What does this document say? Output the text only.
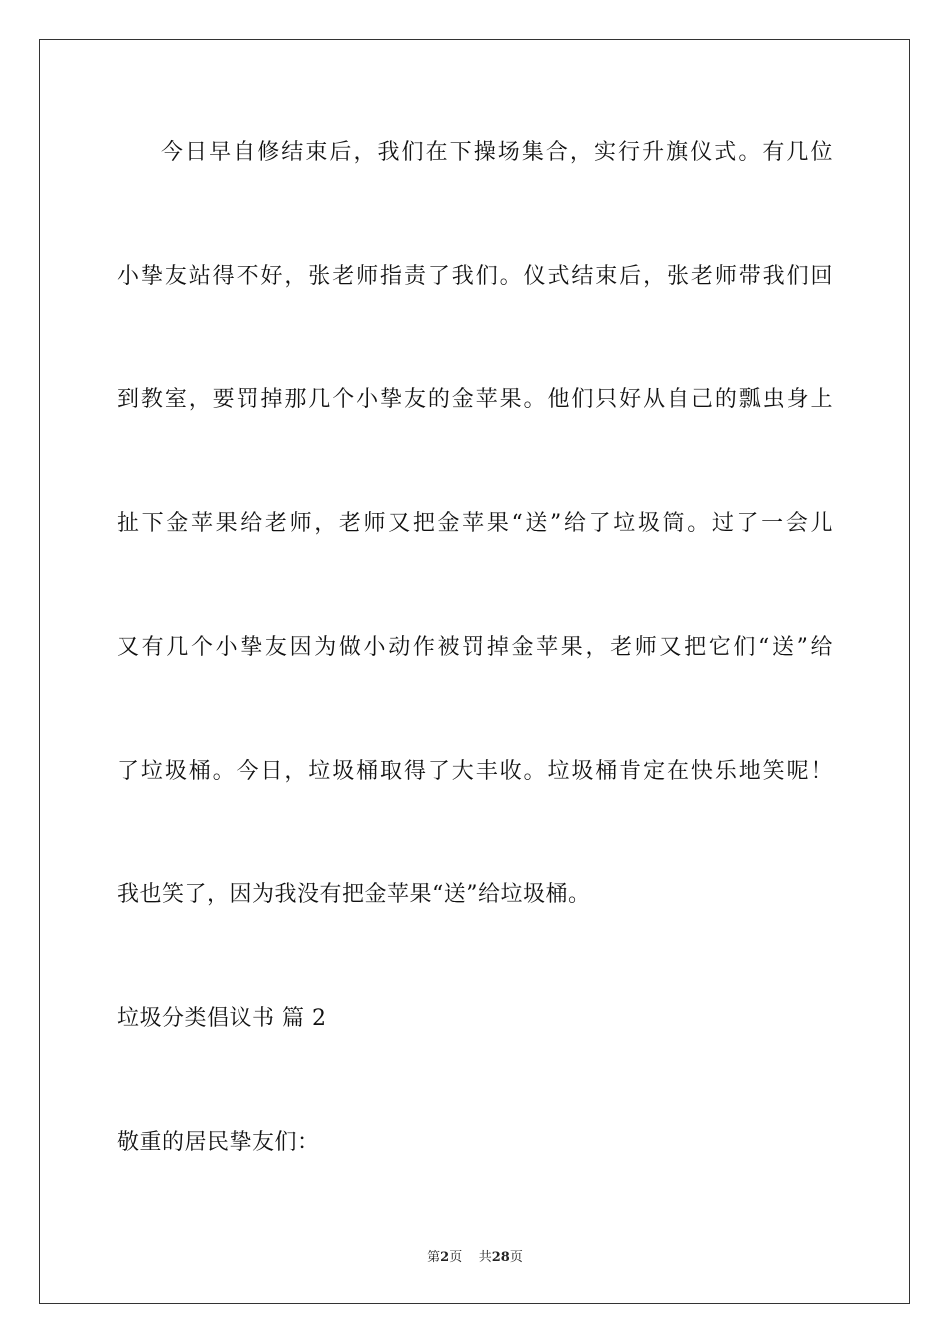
今日早自修结束后，我们在下操场集合，实行升旗仪式。有几位
小挚友站得不好，张老师指责了我们。仪式结束后，张老师带我们回
到教室，要罚掉那几个小挚友的金苹果。他们只好从自己的瓢虫身上
扯下金苹果给老师，老师又把金苹果“送”给了垃圾筒。过了一会儿
又有几个小挚友因为做小动作被罚掉金苹果，老师又把它们“送”给
了垃圾桶。今日，垃圾桶取得了大丰收。垃圾桶肯定在快乐地笑呢！
我也笑了，因为我没有把金苹果“送”给垃圾桶。
垃圾分类倡议书 篇 2
敬重的居民挚友们：
第2页 共28页
